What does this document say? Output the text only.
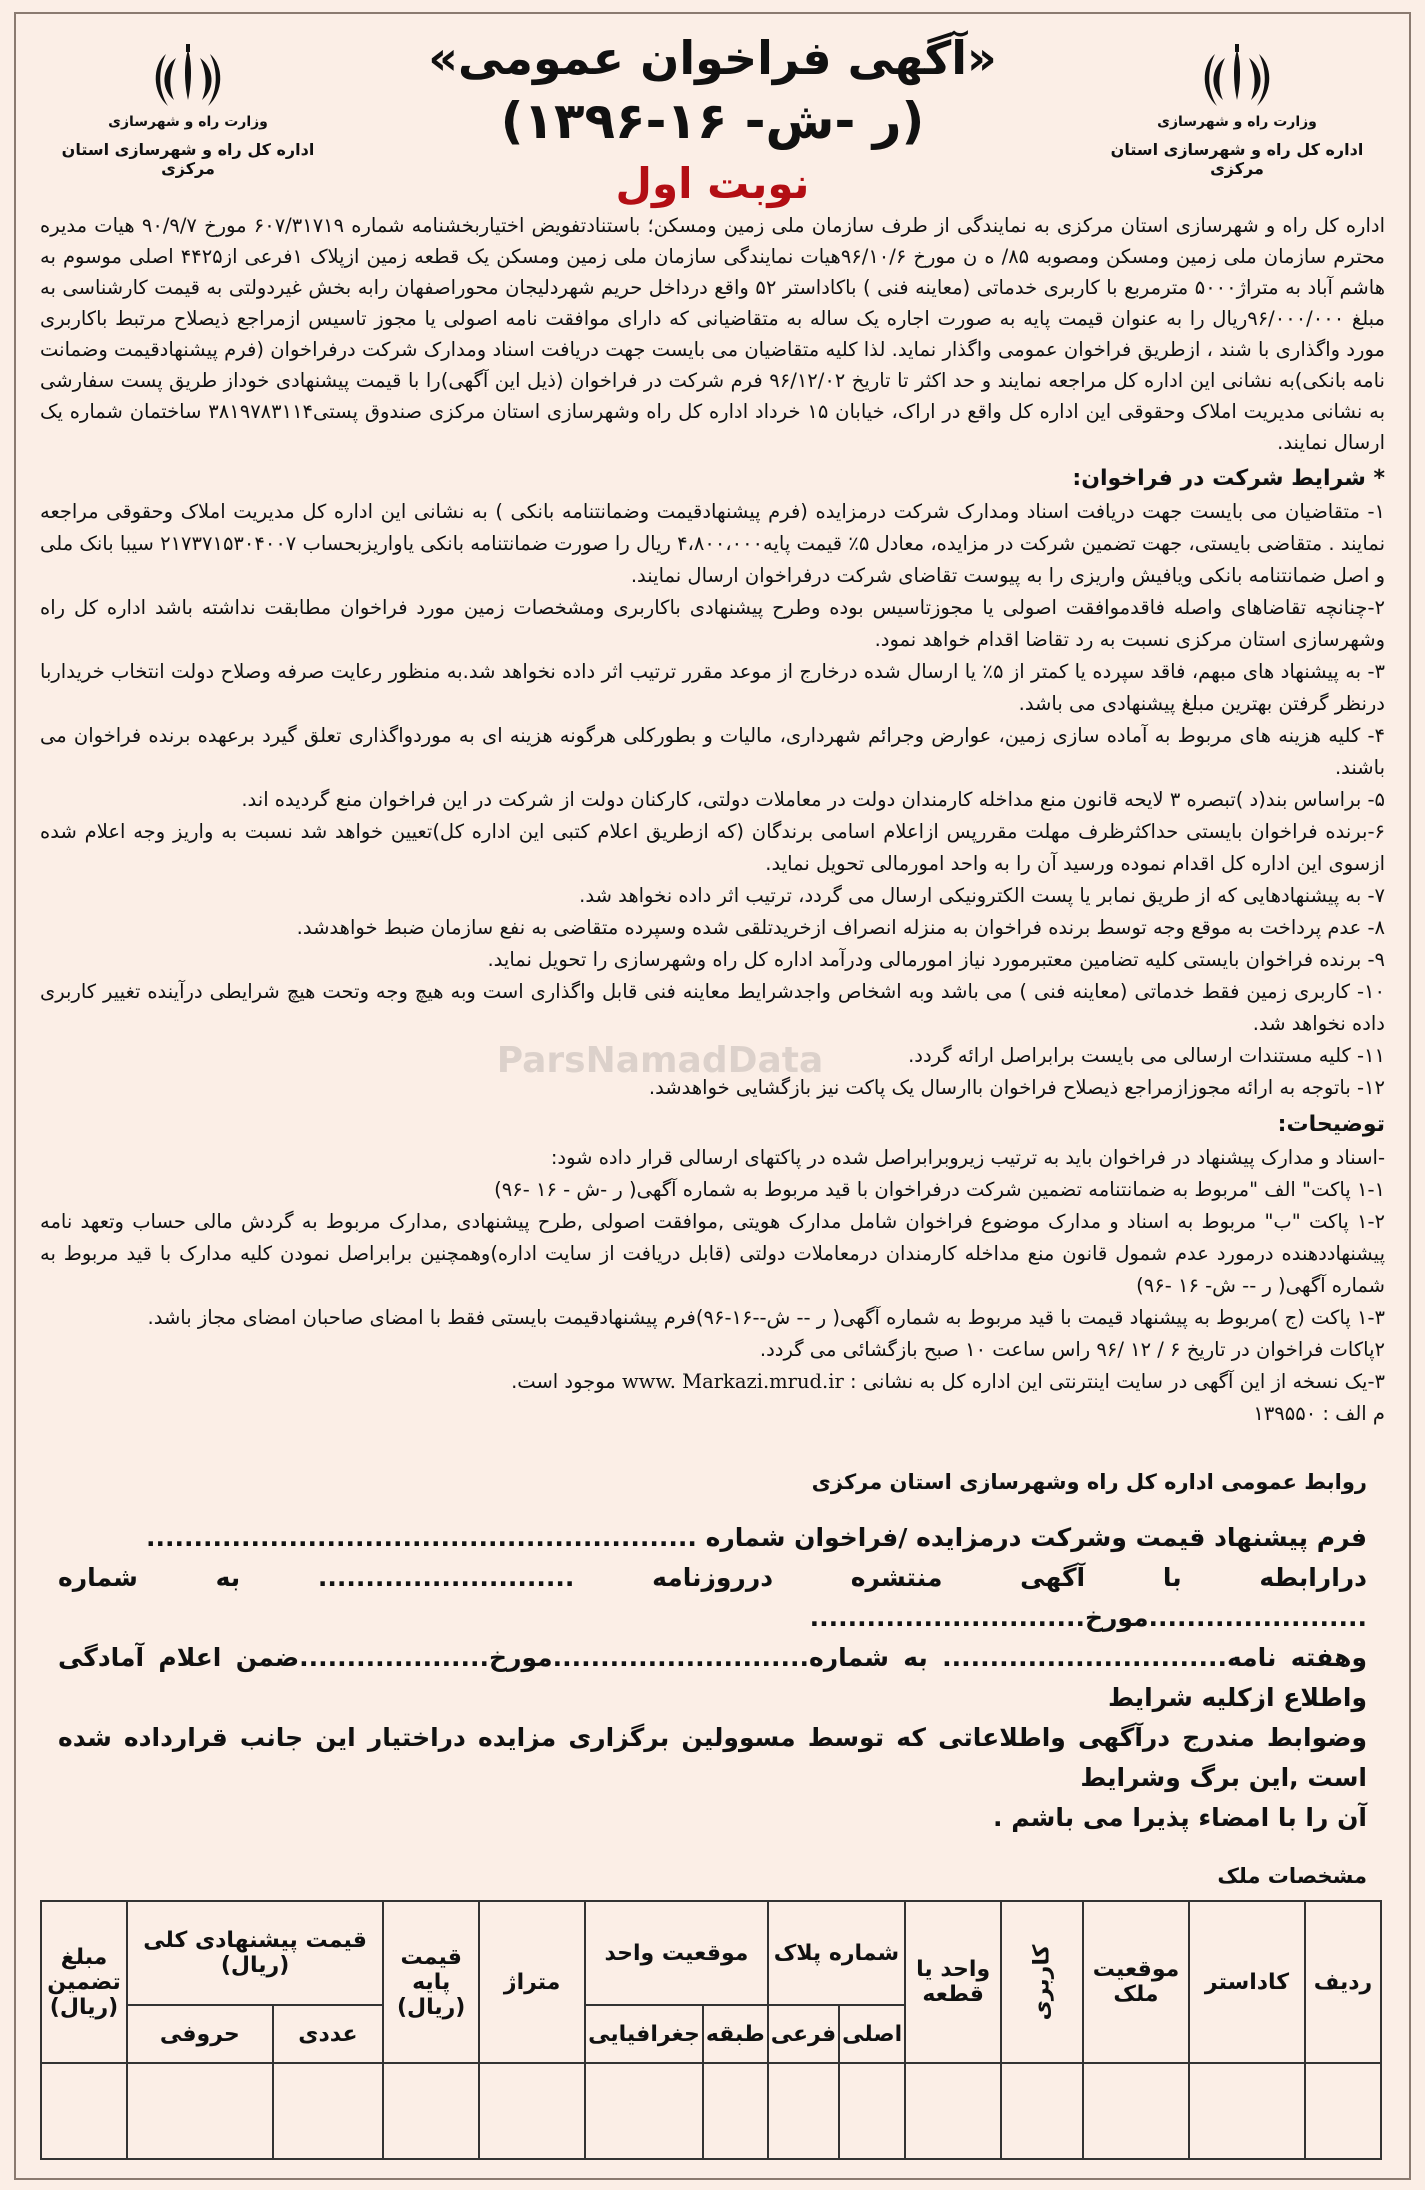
وزارت راه و شهرسازی
اداره کل راه و شهرسازی استان مرکزی
«آگهی فراخوان عمومی»
(ر -ش- ۱۶-۱۳۹۶)
نوبت اول
وزارت راه و شهرسازی
اداره کل راه و شهرسازی استان مرکزی
اداره کل راه و شهرسازی استان مرکزی به نمایندگی از طرف سازمان ملی زمین ومسکن؛ باستنادتفویض اختیاربخشنامه شماره ۶۰۷/۳۱۷۱۹ مورخ ۹۰/۹/۷ هیات مدیره محترم سازمان ملی زمین ومسکن ومصوبه ۸۵/ ه ن مورخ ۹۶/۱۰/۶هیات نمایندگی سازمان ملی زمین ومسکن یک قطعه زمین ازپلاک ۱فرعی از۴۴۲۵ اصلی موسوم به هاشم آباد به متراژ۵۰۰۰ مترمربع با کاربری خدماتی (معاینه فنی ) باکاداستر ۵۲ واقع درداخل حریم شهردلیجان محوراصفهان رابه بخش غیردولتی به قیمت کارشناسی به مبلغ ۹۶/۰۰۰/۰۰۰ریال را به عنوان قیمت پایه به صورت اجاره یک ساله به متقاضیانی که دارای موافقت نامه اصولی یا مجوز تاسیس ازمراجع ذیصلاح مرتبط باکاربری مورد واگذاری با شند ، ازطریق فراخوان عمومی واگذار نماید. لذا کلیه متقاضیان می بایست جهت دریافت اسناد ومدارک شرکت درفراخوان (فرم پیشنهادقیمت وضمانت نامه بانکی)به نشانی این اداره کل مراجعه نمایند و حد اکثر تا تاریخ ۹۶/۱۲/۰۲ فرم شرکت در فراخوان (ذیل این آگهی)را با قیمت پیشنهادی خوداز طریق پست سفارشی به نشانی مدیریت املاک وحقوقی این اداره کل واقع در اراک، خیابان ۱۵ خرداد اداره کل راه وشهرسازی استان مرکزی صندوق پستی۳۸۱۹۷۸۳۱۱۴ ساختمان شماره یک ارسال نمایند.
* شرایط شرکت در فراخوان:
۱- متقاضیان می بایست جهت دریافت اسناد ومدارک شرکت درمزایده (فرم پیشنهادقیمت وضمانتنامه بانکی ) به نشانی این اداره کل مدیریت املاک وحقوقی مراجعه نمایند . متقاضی بایستی، جهت تضمین شرکت در مزایده، معادل ۵٪ قیمت پایه۴،۸۰۰،۰۰۰ ریال را صورت ضمانتنامه بانکی یاواریزبحساب ۲۱۷۳۷۱۵۳۰۴۰۰۷ سیبا بانک ملی و اصل ضمانتنامه بانکی ویافیش واریزی را به پیوست تقاضای شرکت درفراخوان ارسال نمایند.
۲-چنانچه تقاضاهای واصله فاقدموافقت اصولی یا مجوزتاسیس بوده وطرح پیشنهادی باکاربری ومشخصات زمین مورد فراخوان مطابقت نداشته باشد اداره کل راه وشهرسازی استان مرکزی نسبت به رد تقاضا اقدام خواهد نمود.
۳- به پیشنهاد های مبهم، فاقد سپرده یا کمتر از ۵٪ یا ارسال شده درخارج از موعد مقرر ترتیب اثر داده نخواهد شد.به منظور رعایت صرفه وصلاح دولت انتخاب خریداربا درنظر گرفتن بهترین مبلغ پیشنهادی می باشد.
۴- کلیه هزینه های مربوط به آماده سازی زمین، عوارض وجرائم شهرداری، مالیات و بطورکلی هرگونه هزینه ای به موردواگذاری تعلق گیرد برعهده برنده فراخوان می باشند.
۵- براساس بند(د )تبصره ۳ لایحه قانون منع مداخله کارمندان دولت در معاملات دولتی، کارکنان دولت از شرکت در این فراخوان منع گردیده اند.
۶-برنده فراخوان بایستی حداکثرظرف مهلت مقررپس ازاعلام اسامی برندگان (که ازطریق اعلام کتبی این اداره کل)تعیین خواهد شد نسبت به واریز وجه اعلام شده ازسوی این اداره کل اقدام نموده ورسید آن را به واحد امورمالی تحویل نماید.
۷- به پیشنهادهایی که از طریق نمابر یا پست الکترونیکی ارسال می گردد، ترتیب اثر داده نخواهد شد.
۸- عدم پرداخت به موقع وجه توسط برنده فراخوان به منزله انصراف ازخریدتلقی شده وسپرده متقاضی به نفع سازمان ضبط خواهدشد.
۹- برنده فراخوان بایستی کلیه تضامین معتبرمورد نیاز امورمالی ودرآمد اداره کل راه وشهرسازی را تحویل نماید.
۱۰- کاربری زمین فقط خدماتی (معاینه فنی ) می باشد وبه اشخاص واجدشرایط معاینه فنی قابل واگذاری است وبه هیچ وجه وتحت هیچ شرایطی درآینده تغییر کاربری داده نخواهد شد.
۱۱- کلیه مستندات ارسالی می بایست برابراصل ارائه گردد.
۱۲- باتوجه به ارائه مجوزازمراجع ذیصلاح فراخوان باارسال یک پاکت نیز بازگشایی خواهدشد.
توضیحات:
-اسناد و مدارک پیشنهاد در فراخوان باید به ترتیب زیروبرابراصل شده در پاکتهای ارسالی قرار داده شود:
۱-۱ پاکت" الف "مربوط به ضمانتنامه تضمین شرکت درفراخوان با قید مربوط به شماره آگهی( ر -ش - ۱۶ -۹۶)
۱-۲ پاکت "ب" مربوط به اسناد و مدارک موضوع فراخوان شامل مدارک هویتی ,موافقت اصولی ,طرح پیشنهادی ,مدارک مربوط به گردش مالی حساب وتعهد نامه پیشنهاددهنده درمورد عدم شمول قانون منع مداخله کارمندان درمعاملات دولتی (قابل دریافت از سایت اداره)وهمچنین برابراصل نمودن کلیه مدارک با قید مربوط به شماره آگهی( ر -- ش- ۱۶ -۹۶)
۱-۳ پاکت (ج )مربوط به پیشنهاد قیمت با قید مربوط به شماره آگهی( ر -- ش--۱۶-۹۶)فرم پیشنهادقیمت بایستی فقط با امضای صاحبان امضای مجاز باشد.
۲پاکات فراخوان در تاریخ ۶ / ۱۲ /۹۶ راس ساعت ۱۰ صبح بازگشائی می گردد.
۳-یک نسخه از این آگهی در سایت اینترنتی این اداره کل به نشانی : www. Markazi.mrud.ir موجود است.
م الف : ۱۳۹۵۵۰
روابط عمومی اداره کل راه وشهرسازی استان مرکزی
فرم پیشنهاد قیمت وشرکت درمزایده /فراخوان شماره ..........................................................
درارابطه با آگهی منتشره درروزنامه ........................... به شماره .......................مورخ.............................
وهفته نامه.............................. به شماره...........................مورخ....................ضمن اعلام آمادگی واطلاع ازکلیه شرایط
وضوابط مندرج درآگهی واطلاعاتی که توسط مسوولین برگزاری مزایده دراختیار این جانب قرارداده شده است ,این برگ وشرایط
آن را با امضاء پذیرا می باشم .
مشخصات ملک
ParsNamadData
ردیف	کاداستر	موقعیت ملک	کاربری	واحد یا قطعه	شماره پلاک		موقعیت واحد		متراژ	قیمت پایه (ریال)	قیمت پیشنهادی کلی (ریال)		مبلغ تضمین (ریال)
					اصلی	فرعی	طبقه	جغرافیایی			عددی	حروفی	
